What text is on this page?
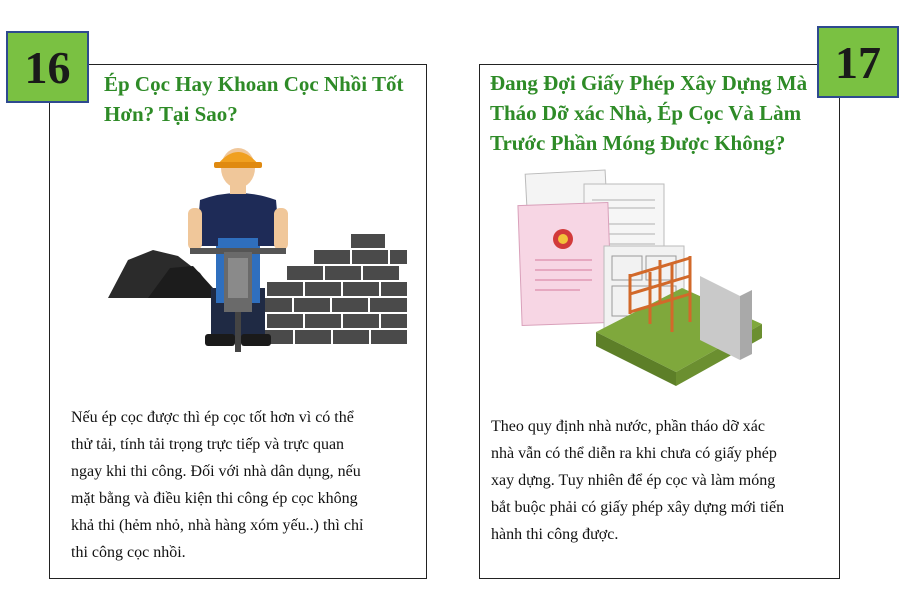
16	Ép Cọc Hay Khoan Cọc Nhồi Tốt
Hơn? Tại Sao?

Nếu ép cọc được thì ép cọc tốt hơn vì có thể
thử tải, tính tải trọng trực tiếp và trực quan
ngay khi thi công. Đối với nhà dân dụng, nếu
mặt bằng và điều kiện thi công ép cọc không
khả thi (hẻm nhỏ, nhà hàng xóm yếu..) thì chỉ
thi công cọc nhồi.

17
Đang Đợi Giấy Phép Xây Dựng Mà
Tháo Dỡ xác Nhà, Ép Cọc Và Làm
Trước Phần Móng Được Không?

Theo quy định nhà nước, phần tháo dỡ xác
nhà vẫn có thể diễn ra khi chưa có giấy phép
xay dựng. Tuy nhiên để ép cọc và làm móng
bắt buộc phải có giấy phép xây dựng mới tiến
hành thi công được.
